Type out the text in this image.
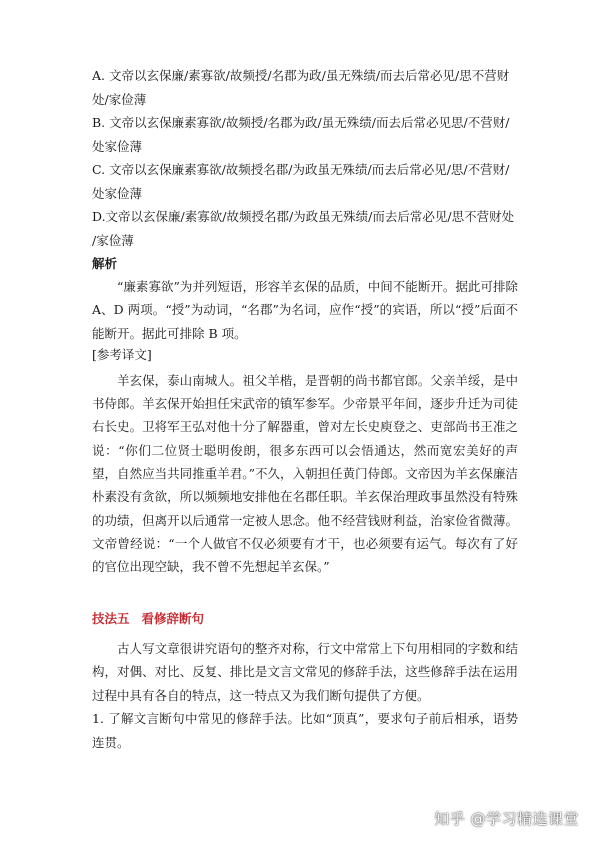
A. 文帝以玄保廉/素寡欲/故频授/名郡为政/虽无殊绩/而去后常必见/思不营财
处/家俭薄
B. 文帝以玄保廉素寡欲/故频授/名郡为政/虽无殊绩/而去后常必见思/不营财/
处家俭薄
C. 文帝以玄保廉素寡欲/故频授名郡/为政虽无殊绩/而去后常必见/思/不营财/
处家俭薄
D.文帝以玄保廉/素寡欲/故频授名郡/为政虽无殊绩/而去后常必见/思不营财处
/家俭薄
解析

“廉素寡欲”为并列短语，形容羊玄保的品质，中间不能断开。据此可排除A、D 两项。“授”为动词，“名郡”为名词，应作“授”的宾语，所以“授”后面不能断开。据此可排除 B 项。

[参考译文]

羊玄保，泰山南城人。祖父羊楷，是晋朝的尚书都官郎。父亲羊绥，是中书侍郎。羊玄保开始担任宋武帝的镇军参军。少帝景平年间，逐步升迁为司徒右长史。卫将军王弘对他十分了解器重，曾对左长史庾登之、吏部尚书王准之说：“你们二位贤士聪明俊朗，很多东西可以会悟通达，然而宽宏美好的声望，自然应当共同推重羊君。”不久，入朝担任黄门侍郎。文帝因为羊玄保廉洁朴素没有贪欲，所以频频地安排他在名郡任职。羊玄保治理政事虽然没有特殊的功绩，但离开以后通常一定被人思念。他不经营钱财利益，治家俭省微薄。文帝曾经说：“一个人做官不仅必须要有才干，也必须要有运气。每次有了好的官位出现空缺，我不曾不先想起羊玄保。”

技法五 看修辞断句

古人写文章很讲究语句的整齐对称，行文中常常上下句用相同的字数和结构，对偶、对比、反复、排比是文言文常见的修辞手法，这些修辞手法在运用过程中具有各自的特点，这一特点又为我们断句提供了方便。

1. 了解文言断句中常见的修辞手法。比如“顶真”，要求句子前后相承，语势连贯。

知乎 @学习精选课堂
